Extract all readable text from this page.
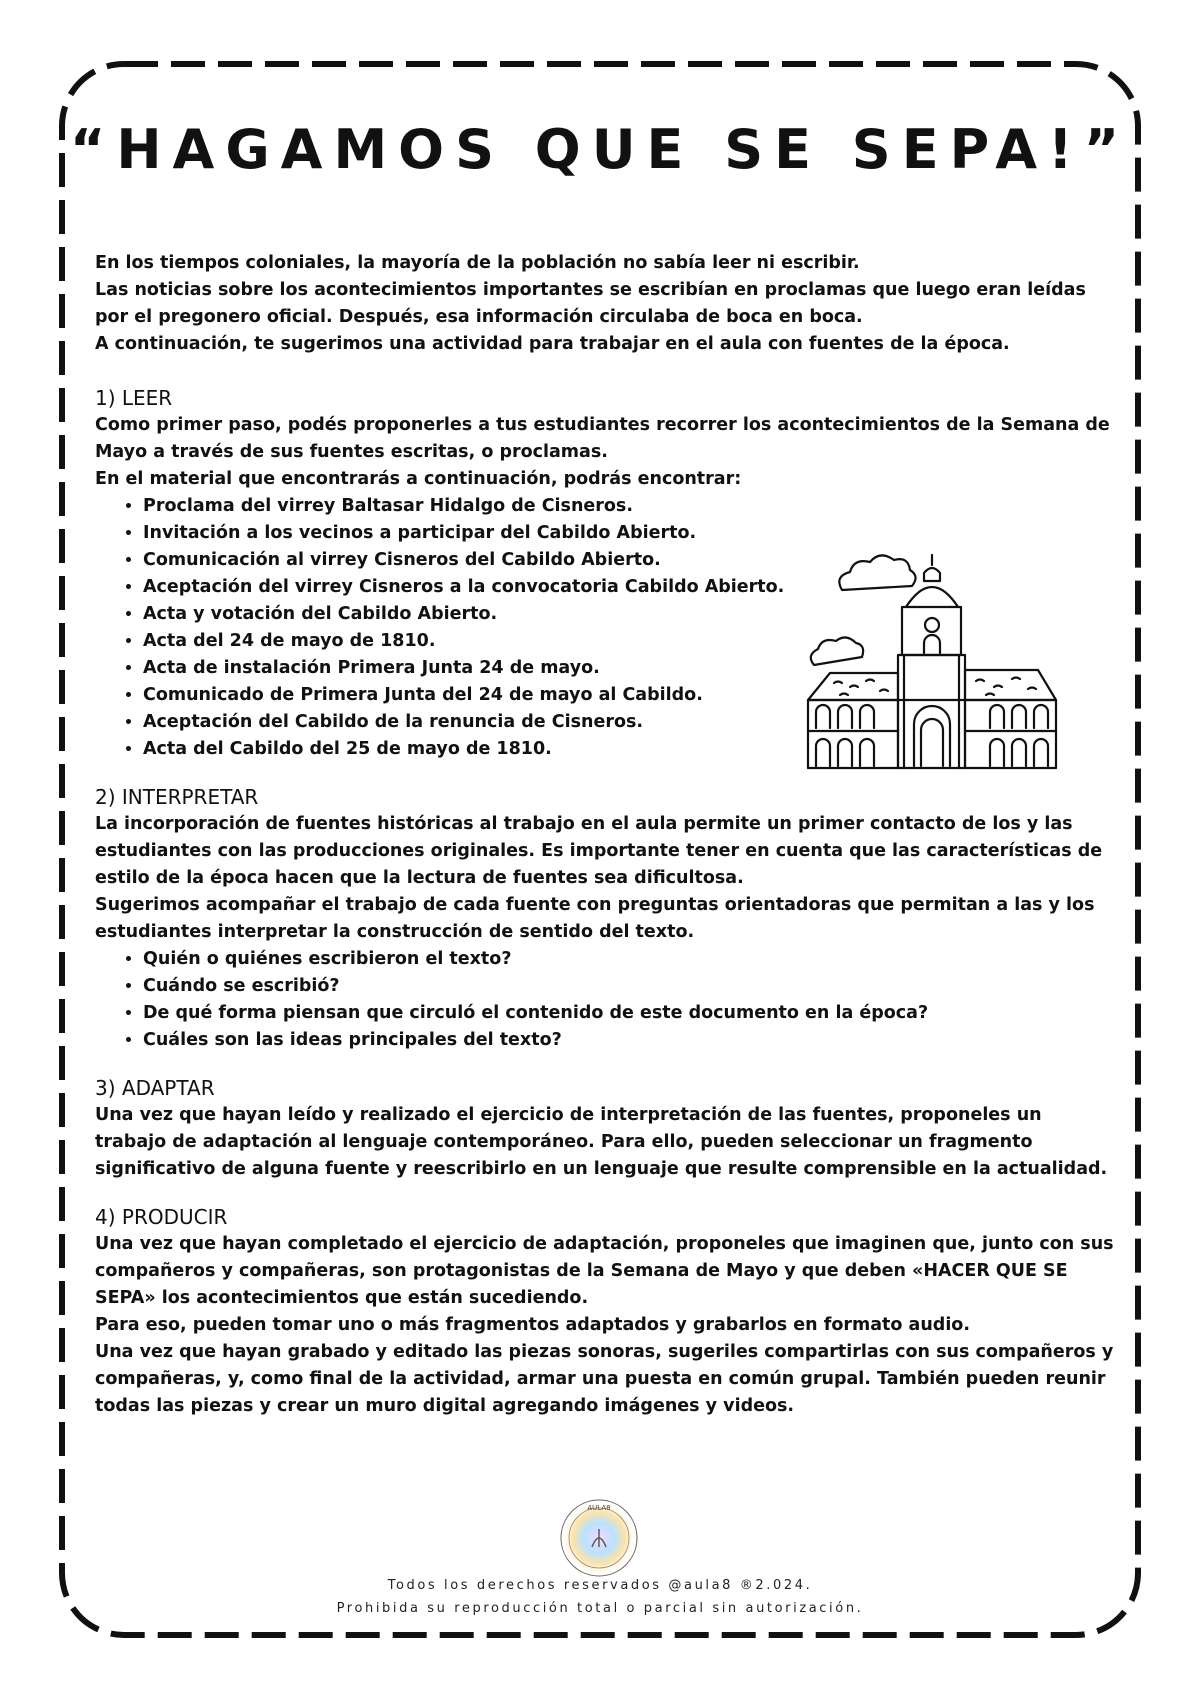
“HAGAMOS QUE SE SEPA!”

En los tiempos coloniales, la mayoría de la población no sabía leer ni escribir.

Las noticias sobre los acontecimientos importantes se escribían en proclamas que luego eran leídas por el pregonero oficial. Después, esa información circulaba de boca en boca.

A continuación, te sugerimos una actividad para trabajar en el aula con fuentes de la época.

1) LEER

Como primer paso, podés proponerles a tus estudiantes recorrer los acontecimientos de la Semana de Mayo a través de sus fuentes escritas, o proclamas.

En el material que encontrarás a continuación, podrás encontrar:

• Proclama del virrey Baltasar Hidalgo de Cisneros.
• Invitación a los vecinos a participar del Cabildo Abierto.
• Comunicación al virrey Cisneros del Cabildo Abierto.
• Aceptación del virrey Cisneros a la convocatoria Cabildo Abierto.
• Acta y votación del Cabildo Abierto.
• Acta del 24 de mayo de 1810.
• Acta de instalación Primera Junta 24 de mayo.
• Comunicado de Primera Junta del 24 de mayo al Cabildo.
• Aceptación del Cabildo de la renuncia de Cisneros.
• Acta del Cabildo del 25 de mayo de 1810.

2) INTERPRETAR

La incorporación de fuentes históricas al trabajo en el aula permite un primer contacto de los y las estudiantes con las producciones originales. Es importante tener en cuenta que las características de estilo de la época hacen que la lectura de fuentes sea dificultosa.

Sugerimos acompañar el trabajo de cada fuente con preguntas orientadoras que permitan a las y los estudiantes interpretar la construcción de sentido del texto.

• Quién o quiénes escribieron el texto?
• Cuándo se escribió?
• De qué forma piensan que circuló el contenido de este documento en la época?
• Cuáles son las ideas principales del texto?

3) ADAPTAR

Una vez que hayan leído y realizado el ejercicio de interpretación de las fuentes, proponeles un trabajo de adaptación al lenguaje contemporáneo. Para ello, pueden seleccionar un fragmento significativo de alguna fuente y reescribirlo en un lenguaje que resulte comprensible en la actualidad.

4) PRODUCIR

Una vez que hayan completado el ejercicio de adaptación, proponeles que imaginen que, junto con sus compañeros y compañeras, son protagonistas de la Semana de Mayo y que deben «HACER QUE SE SEPA» los acontecimientos que están sucediendo.

Para eso, pueden tomar uno o más fragmentos adaptados y grabarlos en formato audio.

Una vez que hayan grabado y editado las piezas sonoras, sugeriles compartirlas con sus compañeros y compañeras, y, como final de la actividad, armar una puesta en común grupal. También pueden reunir todas las piezas y crear un muro digital agregando imágenes y videos.

AULA8
Todos los derechos reservados @aula8 ®2.024.
Prohibida su reproducción total o parcial sin autorización.
